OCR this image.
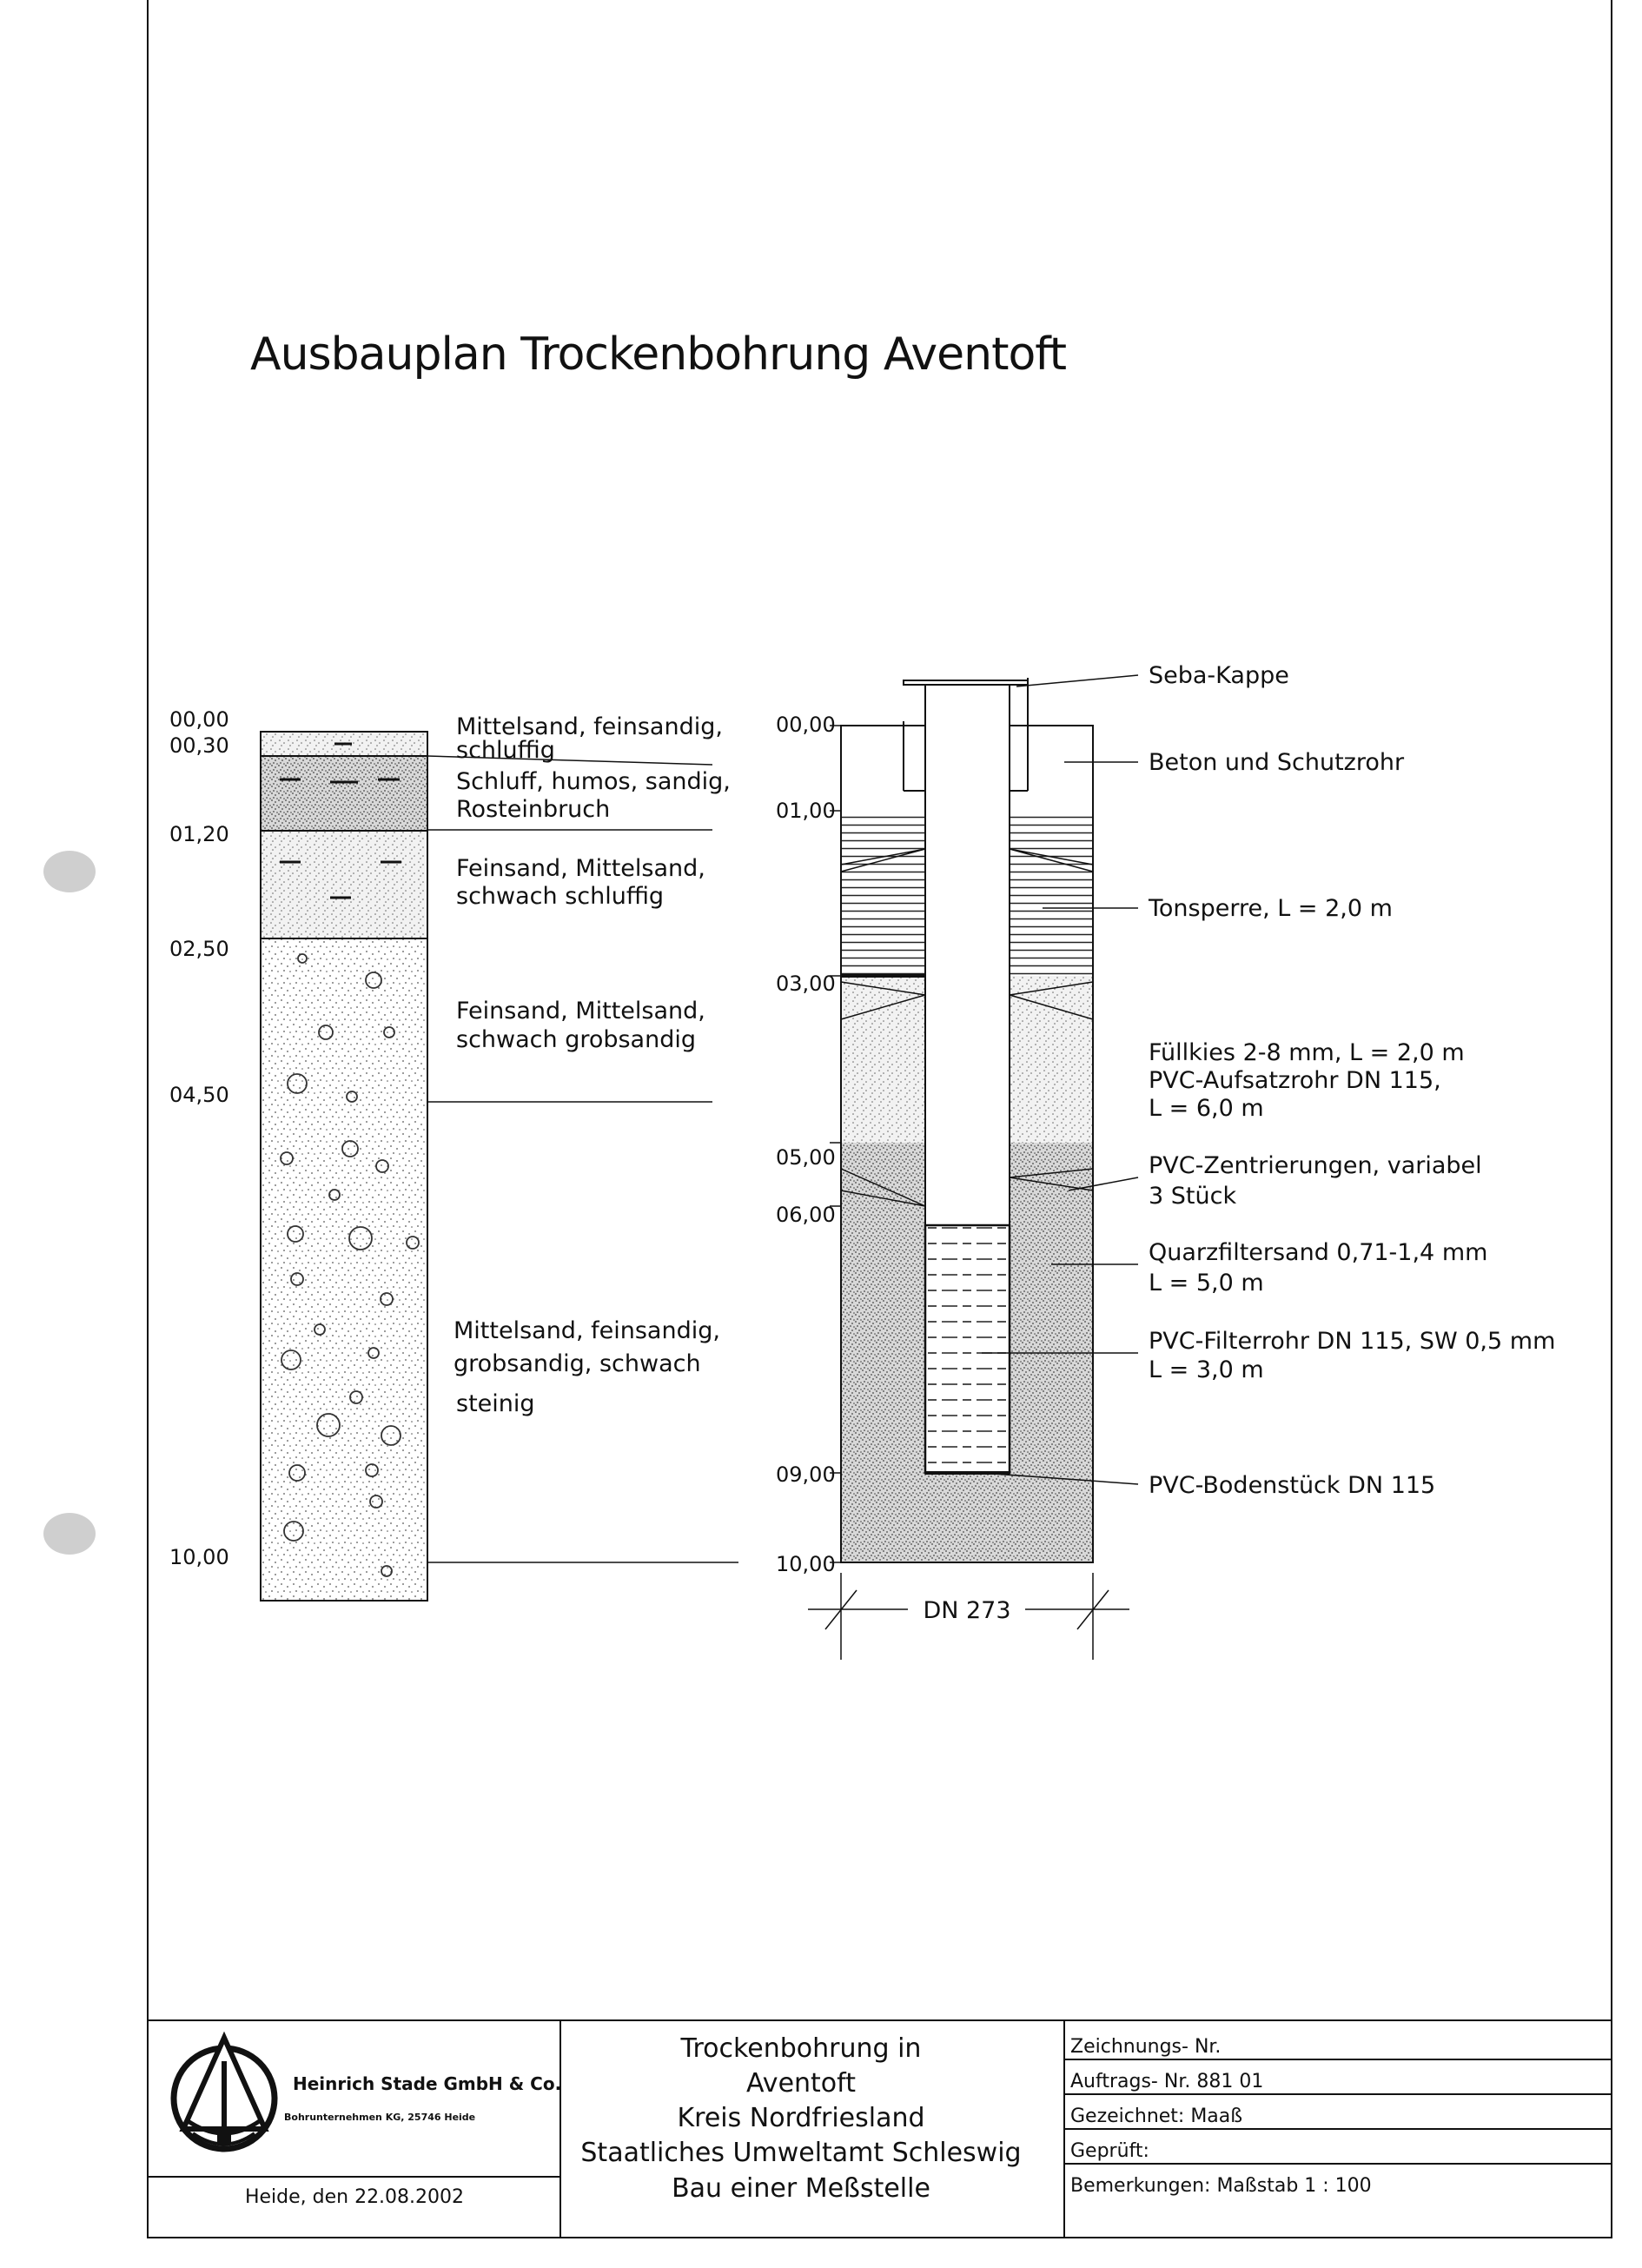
Ausbauplan Trockenbohrung Aventoft
00,00
00,30
01,20
02,50
04,50
10,00
Mittelsand, feinsandig,
schluffig
Schluff, humos, sandig,
Rosteinbruch
Feinsand, Mittelsand,
schwach schluffig
Feinsand, Mittelsand,
schwach grobsandig
Mittelsand, feinsandig,
grobsandig, schwach
steinig
00,00
01,00
03,00
05,00
06,00
09,00
10,00
DN 273
Seba-Kappe
Beton und Schutzrohr
Tonsperre, L = 2,0 m
Füllkies 2-8 mm, L = 2,0 m
PVC-Aufsatzrohr DN 115,
L = 6,0 m
PVC-Zentrierungen, variabel
3 Stück
Quarzfiltersand 0,71-1,4 mm
L = 5,0 m
PVC-Filterrohr DN 115, SW 0,5 mm
L = 3,0 m
PVC-Bodenstück DN 115
Heinrich Stade GmbH & Co.
Bohrunternehmen KG, 25746 Heide
Heide, den 22.08.2002
Trockenbohrung in
Aventoft
Kreis Nordfriesland
Staatliches Umweltamt Schleswig
Bau einer Meßstelle
Zeichnungs- Nr.
Auftrags- Nr. 881 01
Gezeichnet: Maaß
Geprüft:
Bemerkungen: Maßstab 1 : 100
